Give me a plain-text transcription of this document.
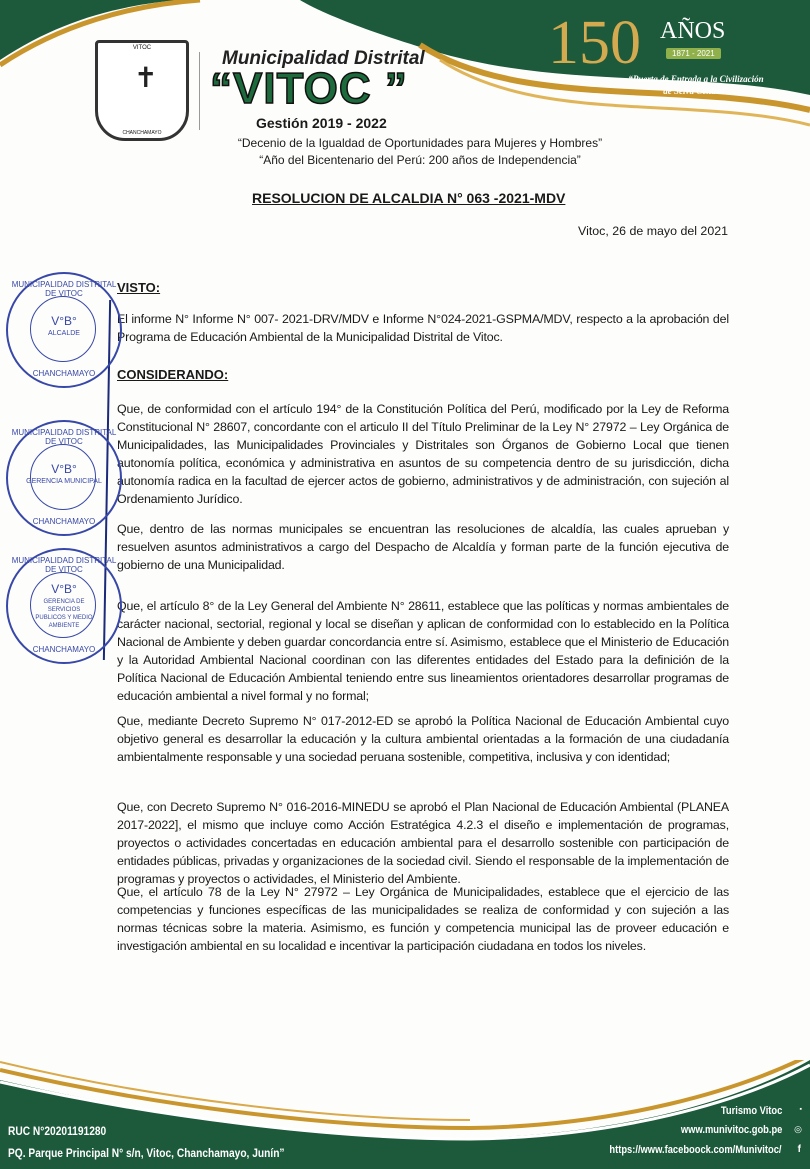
VITOC
✝
CHANCHAMAYO
Municipalidad Distrital
“VITOC ”
Gestión 2019 - 2022
“Decenio de la Igualdad de Oportunidades para Mujeres y Hombres”
“Año del Bicentenario del Perú: 200 años de Independencia”
150 AÑOS
1871 - 2021
“Puerta de Entrada a la Civilización
de Selva Central”
RESOLUCION DE ALCALDIA N° 063 -2021-MDV
Vitoc, 26 de mayo del 2021
VISTO:
El informe N° Informe N° 007- 2021-DRV/MDV e Informe N°024-2021-GSPMA/MDV, respecto a la aprobación del Programa de Educación Ambiental de la Municipalidad Distrital de Vitoc.
CONSIDERANDO:
Que, de conformidad con el artículo 194° de la Constitución Política del Perú, modificado por la Ley de Reforma Constitucional N° 28607, concordante con el articulo II del Título Preliminar de la Ley N° 27972 – Ley Orgánica de Municipalidades, las Municipalidades Provinciales y Distritales son Órganos de Gobierno Local que tienen autonomía política, económica y administrativa en asuntos de su competencia dentro de su jurisdicción, dicha autonomía radica en la facultad de ejercer actos de gobierno, administrativos y de administración, con sujeción al Ordenamiento Jurídico.
Que, dentro de las normas municipales se encuentran las resoluciones de alcaldía, las cuales aprueban y resuelven asuntos administrativos a cargo del Despacho de Alcaldía y forman parte de la función ejecutiva de gobierno de una Municipalidad.
Que, el artículo 8° de la Ley General del Ambiente N° 28611, establece que las políticas y normas ambientales de carácter nacional, sectorial, regional y local se diseñan y aplican de conformidad con lo establecido en la Política Nacional de Ambiente y deben guardar concordancia entre sí. Asimismo, establece que el Ministerio de Educación y la Autoridad Ambiental Nacional coordinan con las diferentes entidades del Estado para la definición de la Política Nacional de Educación Ambiental teniendo entre sus lineamientos orientadores desarrollar programas de educación ambiental a nivel formal y no formal;
Que, mediante Decreto Supremo N° 017-2012-ED se aprobó la Política Nacional de Educación Ambiental cuyo objetivo general es desarrollar la educación y la cultura ambiental orientadas a la formación de una ciudadanía ambientalmente responsable y una sociedad peruana sostenible, competitiva, inclusiva y con identidad;
Que, con Decreto Supremo N° 016-2016-MINEDU se aprobó el Plan Nacional de Educación Ambiental (PLANEA 2017-2022], el mismo que incluye como Acción Estratégica 4.2.3 el diseño e implementación de programas, proyectos o actividades concertadas en educación ambiental para el desarrollo sostenible con participación de entidades públicas, privadas y organizaciones de la sociedad civil. Siendo el responsable de la implementación de programas y proyectos o actividades, el Ministerio del Ambiente.
Que, el artículo 78 de la Ley N° 27972 – Ley Orgánica de Municipalidades, establece que el ejercicio de las competencias y funciones específicas de las municipalidades se realiza de conformidad y con sujeción a las normas técnicas sobre la materia. Asimismo, es función y competencia municipal las de proveer educación e investigación ambiental en su localidad e incentivar la participación ciudadana en todos los niveles.
MUNICIPALIDAD DISTRITAL DE VITOC
V°B°
ALCALDE
CHANCHAMAYO
MUNICIPALIDAD DISTRITAL DE VITOC
V°B°
GERENCIA MUNICIPAL
CHANCHAMAYO
MUNICIPALIDAD DISTRITAL DE VITOC
V°B°
GERENCIA DE SERVICIOS PUBLICOS Y MEDIO AMBIENTE
CHANCHAMAYO
RUC N°20201191280
PQ. Parque Principal N° s/n, Vitoc, Chanchamayo, Junín”
Turismo Vitoc
www.munivitoc.gob.pe
https://www.faceboock.com/Munivitoc/
▪
◎
f
